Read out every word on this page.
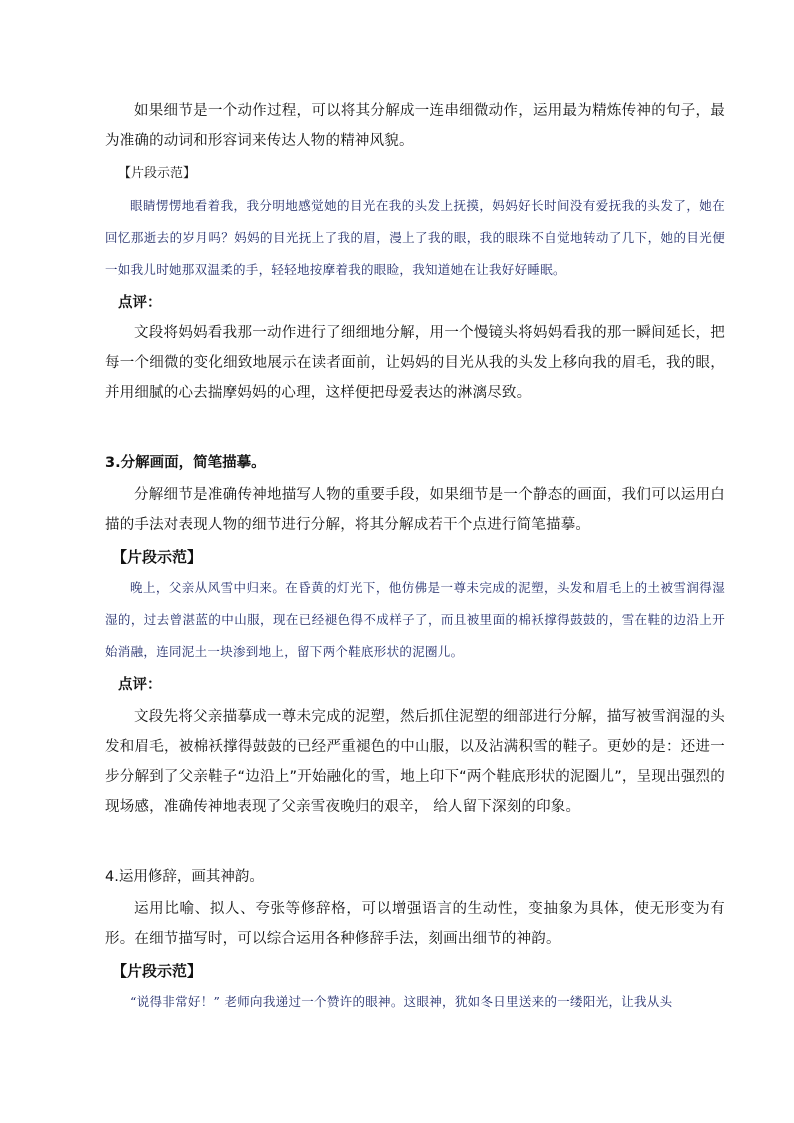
如果细节是一个动作过程，可以将其分解成一连串细微动作，运用最为精炼传神的句子，最为准确的动词和形容词来传达人物的精神风貌。

【片段示范】

眼睛愣愣地看着我，我分明地感觉她的目光在我的头发上抚摸，妈妈好长时间没有爱抚我的头发了，她在回忆那逝去的岁月吗？妈妈的目光抚上了我的眉，漫上了我的眼，我的眼珠不自觉地转动了几下，她的目光便一如我儿时她那双温柔的手，轻轻地按摩着我的眼睑，我知道她在让我好好睡眠。

点评：

文段将妈妈看我那一动作进行了细细地分解，用一个慢镜头将妈妈看我的那一瞬间延长，把每一个细微的变化细致地展示在读者面前，让妈妈的目光从我的头发上移向我的眉毛，我的眼，并用细腻的心去揣摩妈妈的心理，这样便把母爱表达的淋漓尽致。

3.分解画面，简笔描摹。

分解细节是准确传神地描写人物的重要手段，如果细节是一个静态的画面，我们可以运用白描的手法对表现人物的细节进行分解，将其分解成若干个点进行简笔描摹。

【片段示范】

晚上，父亲从风雪中归来。在昏黄的灯光下，他仿佛是一尊未完成的泥塑，头发和眉毛上的土被雪润得湿湿的，过去曾湛蓝的中山服，现在已经褪色得不成样子了，而且被里面的棉袄撑得鼓鼓的，雪在鞋的边沿上开始消融，连同泥土一块渗到地上，留下两个鞋底形状的泥圈儿。

点评：

文段先将父亲描摹成一尊未完成的泥塑，然后抓住泥塑的细部进行分解，描写被雪润湿的头发和眉毛，被棉袄撑得鼓鼓的已经严重褪色的中山服，以及沾满积雪的鞋子。更妙的是：还进一步分解到了父亲鞋子“边沿上”开始融化的雪，地上印下“两个鞋底形状的泥圈儿”，呈现出强烈的现场感，准确传神地表现了父亲雪夜晚归的艰辛， 给人留下深刻的印象。

4.运用修辞，画其神韵。

运用比喻、拟人、夸张等修辞格，可以增强语言的生动性，变抽象为具体，使无形变为有形。在细节描写时，可以综合运用各种修辞手法，刻画出细节的神韵。

【片段示范】

“说得非常好！” 老师向我递过一个赞许的眼神。这眼神，犹如冬日里送来的一缕阳光，让我从头
